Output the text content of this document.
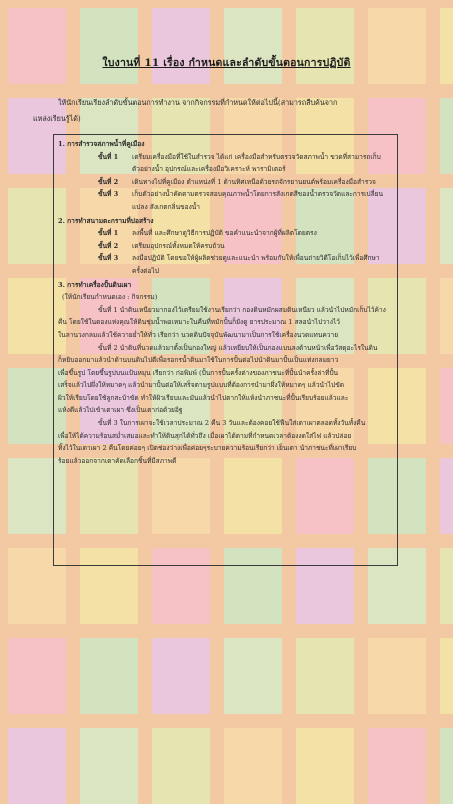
ใบงานที่ 11 เรื่อง กำหนดและลำดับขั้นตอนการปฏิบัติ
ให้นักเรียนเรียงลำดับขั้นตอนการทำงาน จากกิจกรรมที่กำหนดให้ต่อไปนี้(สามารถสืบค้นจาก
แหล่งเรียนรู้ได้)
1. การสำรวจสภาพน้ำที่คูเมือง
ขั้นที่ 1 เตรียมเครื่องมือที่ใช้ในสำรวจ ได้แก่ เครื่องมือสำหรับตรวจวัดสภาพน้ำ ขวดที่สามารถเก็บ
ตัวอย่างน้ำ อุปกรณ์และเครื่องมือวิเคราะห์ พารามิเตอร์
ขั้นที่ 2 เดินทางไปที่คูเมือง ตำแหน่งที่ 1 ด้านทิศเหนือด้วยรถจักรยานยนต์พร้อมเครื่องมือสำรวจ
ขั้นที่ 3 เก็บตัวอย่างน้ำคัดตามตรวจสอบคุณภาพน้ำโดยการสังเกตสีของน้ำตรวจวัดและการเปลี่ยน
แปลง สังเกตกลิ่นของน้ำ
2. การทำสนามตะกรามที่บ่อสร้าง
ขั้นที่ 1 ลงพื้นที่ และศึกษาดูวิธีการปฏิบัติ ขอคำแนะนำจากผู้ที่ผลิตโดยตรง
ขั้นที่ 2 เตรียมอุปกรณ์ทั้งหมดให้ครบถ้วน
ขั้นที่ 3 ลงมือปฏิบัติ โดยขอให้ผู้ผลิตช่วยดูและแนะนำ พร้อมกับให้เพื่อนถ่ายวิดีโอเก็บไว้เพื่อศึกษา
ครั้งต่อไป
3. การทำเครื่องปั้นดินเผา
(ให้นักเรียนกำหนดเอง : กิจกรรม)
ขั้นที่ 1 นำดินเหนียวมากองไว้เตรียมใช้งานเรียกว่า กองดินหมักผสมดินเหนียว แล้วนำไปหมักเก็บไว้ค้าง
คืน โดยใช้ในดองแห่งคุณให้ดินชุ่มน้ำพอเหมาะในคืนที่หมักปั้นก็ยังดู ยารประมาณ 1 สลอนำไปวางไว้
ในลานวงกลมแล้วใช้ควายย่ำให้ทั่ว เรียกว่า นวดดินปัจจุบันพัฒนามาเป็นการใช้เครื่องนวดแทนควาย
ขั้นที่ 2 นำดินที่นวดแล้วมาตั้งเป็นกองใหญ่ แล้วเหยียบให้เป็นกองแบนลงด้านหน้าเพื่อวัสดุอะไรในดิน
ก็หยิบออกมาแล้วนำด้านบนดินไปตีเพื่อรอกรน้ำดินมาใช้ในการปั้นต่อไปนำดินมาปั้นเป็นแท่งกลมยาว
เพื่อขึ้นรูป โดยขึ้นรูปบนแป้นหมุน เรียกว่า ก่อพิมพ์ (ปั้นการปั้นครั้งต่างของภาชนะที่ปั้นนำครั้งล่าที่ปั้น
เสร็จแล้วไปผึ่งให้หมาดๆ แล้วนำมาปั้นต่อให้เสร็จตามรูปแบบที่ต้องการนำมาผึ่งให้หมาดๆ แล้วนำไปขัด
ผิวให้เรียบโดยใช้ลูกสะบ้าขัด ทำให้ผิวเรียบและมันแล้วนำไปตากให้แห้งนำภาชนะที่ปั้นเรียบร้อยแล้วและ
แห้งดีแล้วไปเข้าเตาเผา ซึ่งเป็นเตาก่อด้วยอิฐ
ขั้นที่ 3 ในการเผาจะใช้เวลาประมาณ 2 คืน 3 วันและต้องคอยใช้ฟืนใส่เตาเผาตลอดทั้งวันทั้งคืน
เพื่อให้ได้ความร้อนสม่ำเสมอและทำให้ดินสุกได้ทั่วถึง เมื่อเผาได้ตามที่กำหนดเวลาต้องงดใส่ไฟ แล้วปล่อย
ทิ้งไว้ในเตาเผา 2 คืนโดยค่อยๆ เปิดช่องว่างเพื่อค่อยๆระบายความร้อนเรียกว่า เย็นเตา นำภาชนะที่เผาเรียบ
ร้อยแล้วออกจากเตาคัดเลือกชิ้นที่มีสภาพดี
